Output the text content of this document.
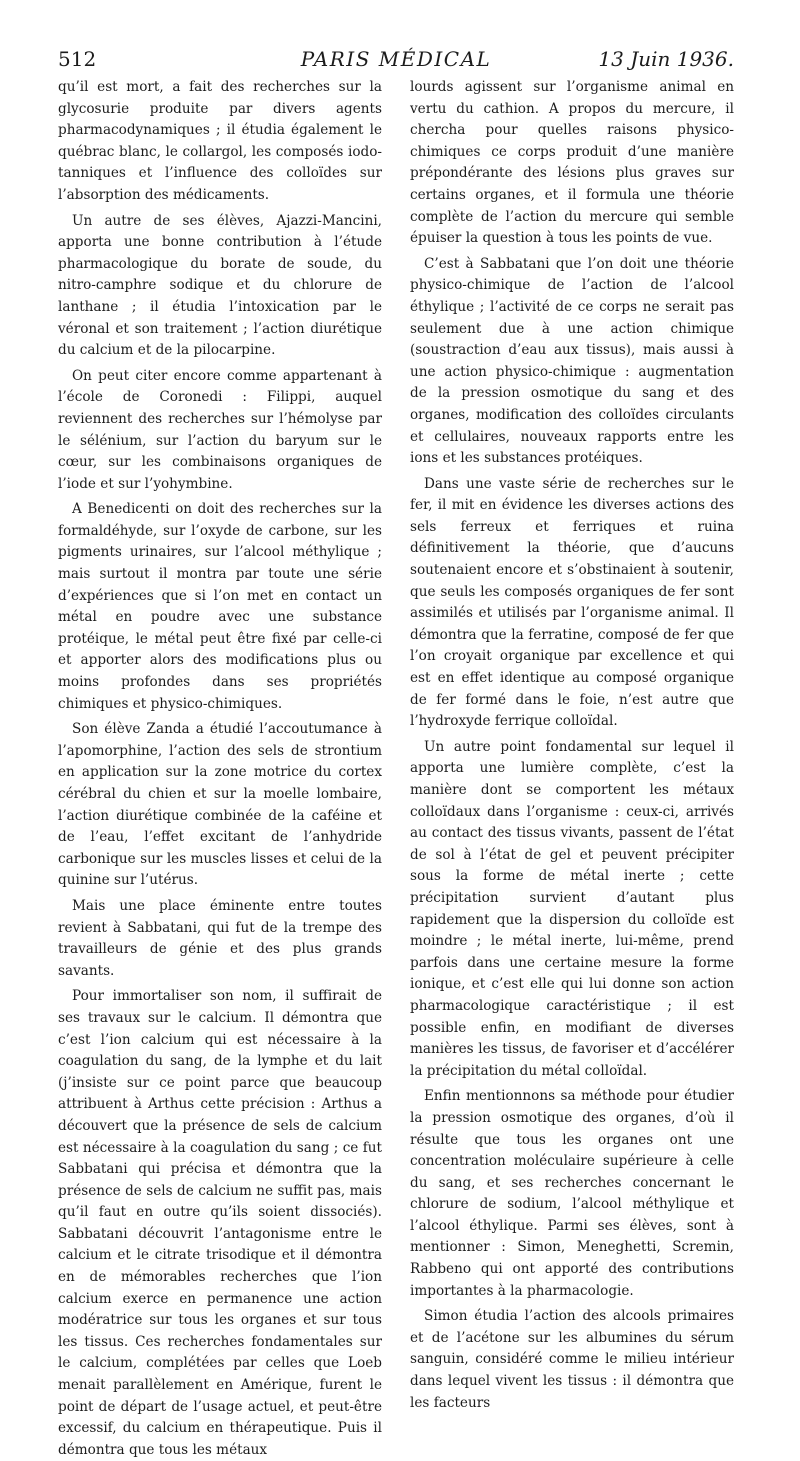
512	PARIS MÉDICAL	13 Juin 1936.

qu’il est mort, a fait des recherches sur la glycosurie produite par divers agents pharmacodynamiques ; il étudia également le québrac blanc, le collargol, les composés iodo-tanniques et l’influence des colloïdes sur l’absorption des médicaments.

Un autre de ses élèves, Ajazzi-Mancini, apporta une bonne contribution à l’étude pharmacologique du borate de soude, du nitro-camphre sodique et du chlorure de lanthane ; il étudia l’intoxication par le véronal et son traitement ; l’action diurétique du calcium et de la pilocarpine.

On peut citer encore comme appartenant à l’école de Coronedi : Filippi, auquel reviennent des recherches sur l’hémolyse par le sélénium, sur l’action du baryum sur le cœur, sur les combinaisons organiques de l’iode et sur l’yohymbine.

A Benedicenti on doit des recherches sur la formaldéhyde, sur l’oxyde de carbone, sur les pigments urinaires, sur l’alcool méthylique ; mais surtout il montra par toute une série d’expériences que si l’on met en contact un métal en poudre avec une substance protéique, le métal peut être fixé par celle-ci et apporter alors des modifications plus ou moins profondes dans ses propriétés chimiques et physico-chimiques.

Son élève Zanda a étudié l’accoutumance à l’apomorphine, l’action des sels de strontium en application sur la zone motrice du cortex cérébral du chien et sur la moelle lombaire, l’action diurétique combinée de la caféine et de l’eau, l’effet excitant de l’anhydride carbonique sur les muscles lisses et celui de la quinine sur l’utérus.

Mais une place éminente entre toutes revient à Sabbatani, qui fut de la trempe des travailleurs de génie et des plus grands savants.

Pour immortaliser son nom, il suffirait de ses travaux sur le calcium. Il démontra que c’est l’ion calcium qui est nécessaire à la coagulation du sang, de la lymphe et du lait (j’insiste sur ce point parce que beaucoup attribuent à Arthus cette précision : Arthus a découvert que la présence de sels de calcium est nécessaire à la coagulation du sang ; ce fut Sabbatani qui précisa et démontra que la présence de sels de calcium ne suffit pas, mais qu’il faut en outre qu’ils soient dissociés). Sabbatani découvrit l’antagonisme entre le calcium et le citrate trisodique et il démontra en de mémorables recherches que l’ion calcium exerce en permanence une action modératrice sur tous les organes et sur tous les tissus. Ces recherches fondamentales sur le calcium, complétées par celles que Loeb menait parallèlement en Amérique, furent le point de départ de l’usage actuel, et peut-être excessif, du calcium en thérapeutique. Puis il démontra que tous les métaux

lourds agissent sur l’organisme animal en vertu du cathion. A propos du mercure, il chercha pour quelles raisons physico-chimiques ce corps produit d’une manière prépondérante des lésions plus graves sur certains organes, et il formula une théorie complète de l’action du mercure qui semble épuiser la question à tous les points de vue.

C’est à Sabbatani que l’on doit une théorie physico-chimique de l’action de l’alcool éthylique ; l’activité de ce corps ne serait pas seulement due à une action chimique (soustraction d’eau aux tissus), mais aussi à une action physico-chimique : augmentation de la pression osmotique du sang et des organes, modification des colloïdes circulants et cellulaires, nouveaux rapports entre les ions et les substances protéiques.

Dans une vaste série de recherches sur le fer, il mit en évidence les diverses actions des sels ferreux et ferriques et ruina définitivement la théorie, que d’aucuns soutenaient encore et s’obstinaient à soutenir, que seuls les composés organiques de fer sont assimilés et utilisés par l’organisme animal. Il démontra que la ferratine, composé de fer que l’on croyait organique par excellence et qui est en effet identique au composé organique de fer formé dans le foie, n’est autre que l’hydroxyde ferrique colloïdal.

Un autre point fondamental sur lequel il apporta une lumière complète, c’est la manière dont se comportent les métaux colloïdaux dans l’organisme : ceux-ci, arrivés au contact des tissus vivants, passent de l’état de sol à l’état de gel et peuvent précipiter sous la forme de métal inerte ; cette précipitation survient d’autant plus rapidement que la dispersion du colloïde est moindre ; le métal inerte, lui-même, prend parfois dans une certaine mesure la forme ionique, et c’est elle qui lui donne son action pharmacologique caractéristique ; il est possible enfin, en modifiant de diverses manières les tissus, de favoriser et d’accélérer la précipitation du métal colloïdal.

Enfin mentionnons sa méthode pour étudier la pression osmotique des organes, d’où il résulte que tous les organes ont une concentration moléculaire supérieure à celle du sang, et ses recherches concernant le chlorure de sodium, l’alcool méthylique et l’alcool éthylique. Parmi ses élèves, sont à mentionner : Simon, Meneghetti, Scremin, Rabbeno qui ont apporté des contributions importantes à la pharmacologie.

Simon étudia l’action des alcools primaires et de l’acétone sur les albumines du sérum sanguin, considéré comme le milieu intérieur dans lequel vivent les tissus : il démontra que les facteurs
